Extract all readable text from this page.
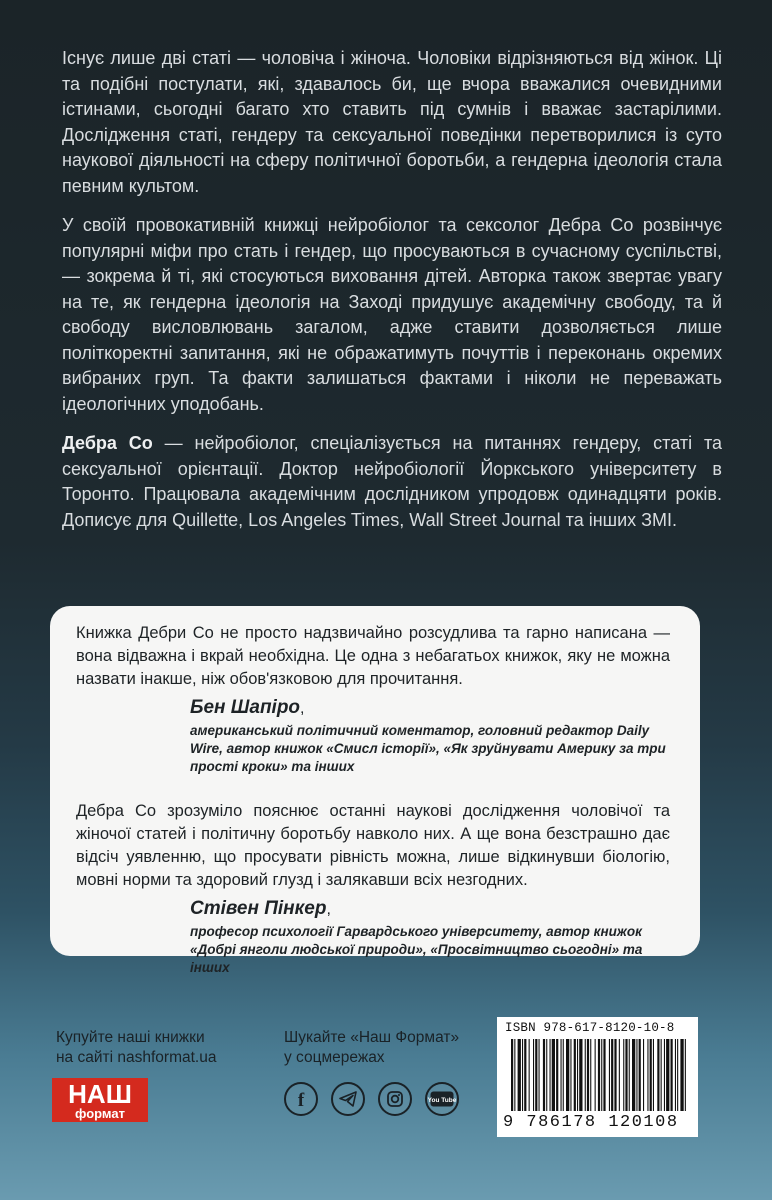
Існує лише дві статі — чоловіча і жіноча. Чоловіки відрізняються від жінок. Ці та подібні постулати, які, здавалось би, ще вчора вважалися очевидними істинами, сьогодні багато хто ставить під сумнів і вважає застарілими. Дослідження статі, гендеру та сексуальної поведінки перетворилися із суто наукової діяльності на сферу політичної боротьби, а гендерна ідеологія стала певним культом.

У своїй провокативній книжці нейробіолог та сексолог Дебра Со розвінчує популярні міфи про стать і гендер, що просуваються в сучасному суспільстві, — зокрема й ті, які стосуються виховання дітей. Авторка також звертає увагу на те, як гендерна ідеологія на Заході придушує академічну свободу, та й свободу висловлювань загалом, адже ставити дозволяється лише політкоректні запитання, які не ображатимуть почуттів і переконань окремих вибраних груп. Та факти залишаться фактами і ніколи не переважать ідеологічних уподобань.

Дебра Со — нейробіолог, спеціалізується на питаннях гендеру, статі та сексуальної орієнтації. Доктор нейробіології Йоркського університету в Торонто. Працювала академічним дослідником упродовж одинадцяти років. Дописує для Quillette, Los Angeles Times, Wall Street Journal та інших ЗМІ.

Книжка Дебри Со не просто надзвичайно розсудлива та гарно написана — вона відважна і вкрай необхідна. Це одна з небагатьох книжок, яку не можна назвати інакше, ніж обов'язковою для прочитання.

Бен Шапіро,
американський політичний коментатор, головний редактор Daily Wire, автор книжок «Смисл історії», «Як зруйнувати Америку за три прості кроки» та інших

Дебра Со зрозуміло пояснює останні наукові дослідження чоловічої та жіночої статей і політичну боротьбу навколо них. А ще вона безстрашно дає відсіч уявленню, що просувати рівність можна, лише відкинувши біологію, мовні норми та здоровий глузд і залякавши всіх незгодних.

Стівен Пінкер,
професор психології Гарвардського університету, автор книжок «Добрі янголи людської природи», «Просвітництво сьогодні» та інших
Купуйте наші книжки
на сайті nashformat.ua
НАШ
формат
Шукайте «Наш Формат»
у соцмережах
f	You Tube
ISBN 978-617-8120-10-8
9 786178 120108
